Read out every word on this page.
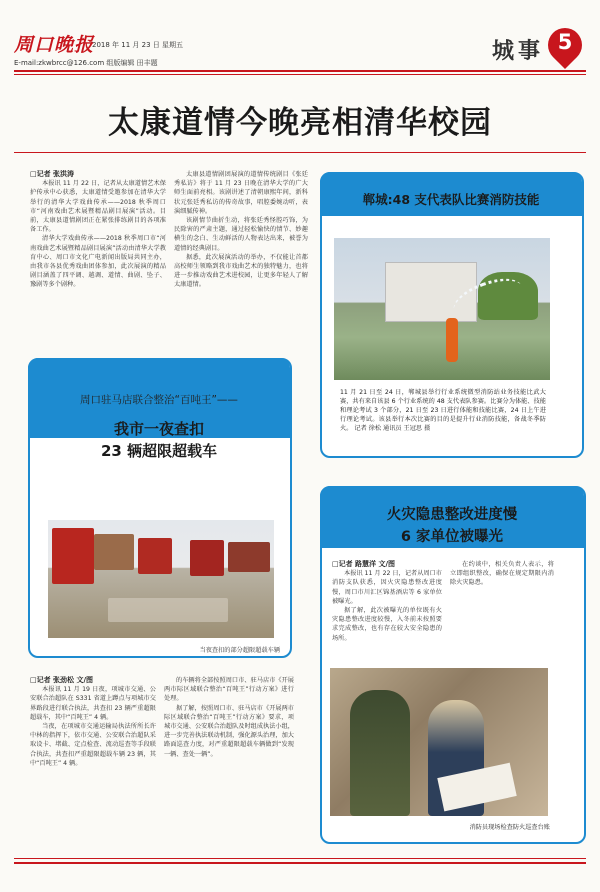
周口晚报
2018 年 11 月 23 日 星期五
E-mail:zkwbrcc@126.com 组版编辑 田丰题	城事 5
太康道情今晚亮相清华校园
□记者 张洪涛

本报讯 11 月 22 日，记者从太康道情艺术保护传承中心获悉，太康道情受邀参加在清华大学举行的清华大学戏曲传承——2018 秋季周口市“河南戏曲艺术展暨精品剧目展演”活动。目前，太康县道情剧团正在紧张排练剧目的各项准备工作。

清华大学戏曲传承——2018 秋季周口市“河南戏曲艺术展暨精品剧目展演”活动由清华大学教育中心、周口市文化广电新闻出版局共同主办，由我市各县优秀戏曲团体参加，此次展演的精品剧目涵盖了四平调、越调、道情、曲剧、坠子、豫剧等多个剧种。

太康县道情剧团展演的道情传统剧目《张廷秀私访》将于 11 月 23 日晚在清华大学的广大师生面前亮相。该剧讲述了清朝康熙年间，新科状元张廷秀私访的传奇故事，唱腔委婉动听，表演细腻传神。

该剧情节曲折生动，将张廷秀怪腔巧饰，为民除害的严肃主题，通过轻松愉快的情节、妙趣横生的念白、生动鲜活的人物表达出来，被誉为道情的经典剧目。

据悉，此次展演活动的举办，不仅能让首都高校师生领略到我市戏曲艺术的独特魅力，也将进一步推动戏曲艺术进校园，让更多年轻人了解太康道情。

郸城:48 支代表队比赛消防技能
11 月 21 日至 24 日，郸城县举行行业系统微型消防站业务技能比武大赛，共有来自该县 6 个行业系统的 48 支代表队参赛。比赛分为体能、技能和理论考试 3 个部分，21 日至 23 日进行体能和技能比赛，24 日上午进行理论考试。该县举行本次比赛的目的是提升行业消防技能，备战冬季防火。 记者 徐松 通讯员 王冠思 摄
周口驻马店联合整治“百吨王”——
我市一夜查扣
23 辆超限超载车
当夜查扣的部分超限超载车辆
□记者 张劲松 文/图

本报讯 11 月 19 日夜，项城市交通、公安联合治超队在 S331 省道上蹲点与项城市交界路段进行联合执法，共查扣 23 辆严重超限超载车，其中“百吨王” 4 辆。

当夜，在项城市交通运输局执法所所长许中林的指挥下，依市交通、公安联合治超队采取设卡、堵截、定点检查、流动巡查等手段联合执法，共查扣严重超限超载车辆 23 辆，其中“百吨王” 4 辆。

的车辆将全部按照周口市、驻马店市《开展两市际区域联合整治“百吨王”行动方案》进行处理。

据了解，按照周口市、驻马店市《开展两市际区域联合整治“百吨王”行动方案》要求，项城市交通、公安联合治超队及时组成执法小组，进一步完善执法联动机制，强化源头治理，加大路面巡查力度，对严重超限超载车辆做到“发现一辆、查处一辆”。

火灾隐患整改进度慢
6 家单位被曝光
□记者 路慧洋 文/图

本报讯 11 月 22 日，记者从周口市消防支队获悉，因火灾隐患整改进度慢，周口市川汇区锦基酒店等 6 家单位被曝光。

据了解，此次被曝光的单位既有火灾隐患整改进度较慢，入冬前未按照要求完成整改，也有存在较大安全隐患的场所。

在约谈中，相关负责人表示，将立即组织整改，确保在规定期限内消除火灾隐患。

消防员现场检查防火巡查台账
